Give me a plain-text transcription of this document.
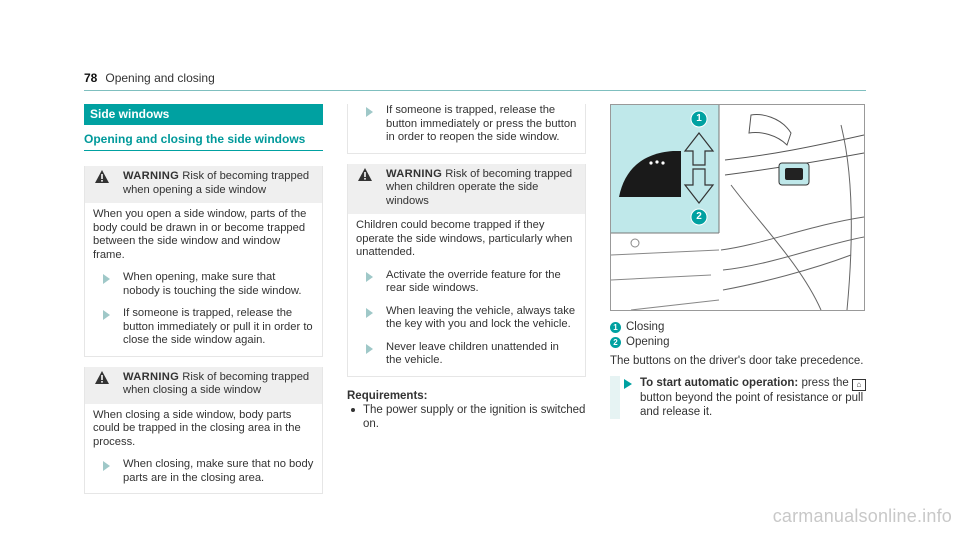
78 Opening and closing
Side windows
Opening and closing the side windows
WARNING Risk of becoming trapped when opening a side window
When you open a side window, parts of the body could be drawn in or become trapped between the side window and window frame.
When opening, make sure that nobody is touching the side window.
If someone is trapped, release the button immediately or pull it in order to close the side window again.
WARNING Risk of becoming trapped when closing a side window
When closing a side window, body parts could be trapped in the closing area in the process.
When closing, make sure that no body parts are in the closing area.
If someone is trapped, release the button immediately or press the button in order to reopen the side window.
WARNING Risk of becoming trapped when children operate the side windows
Children could become trapped if they operate the side windows, particularly when unattended.
Activate the override feature for the rear side windows.
When leaving the vehicle, always take the key with you and lock the vehicle.
Never leave children unattended in the vehicle.
Requirements:
The power supply or the ignition is switched on.
1
2
1 Closing
2 Opening
The buttons on the driver's door take precedence.
To start automatic operation: press the ⌂ button beyond the point of resistance or pull and release it.
carmanualsonline.info
